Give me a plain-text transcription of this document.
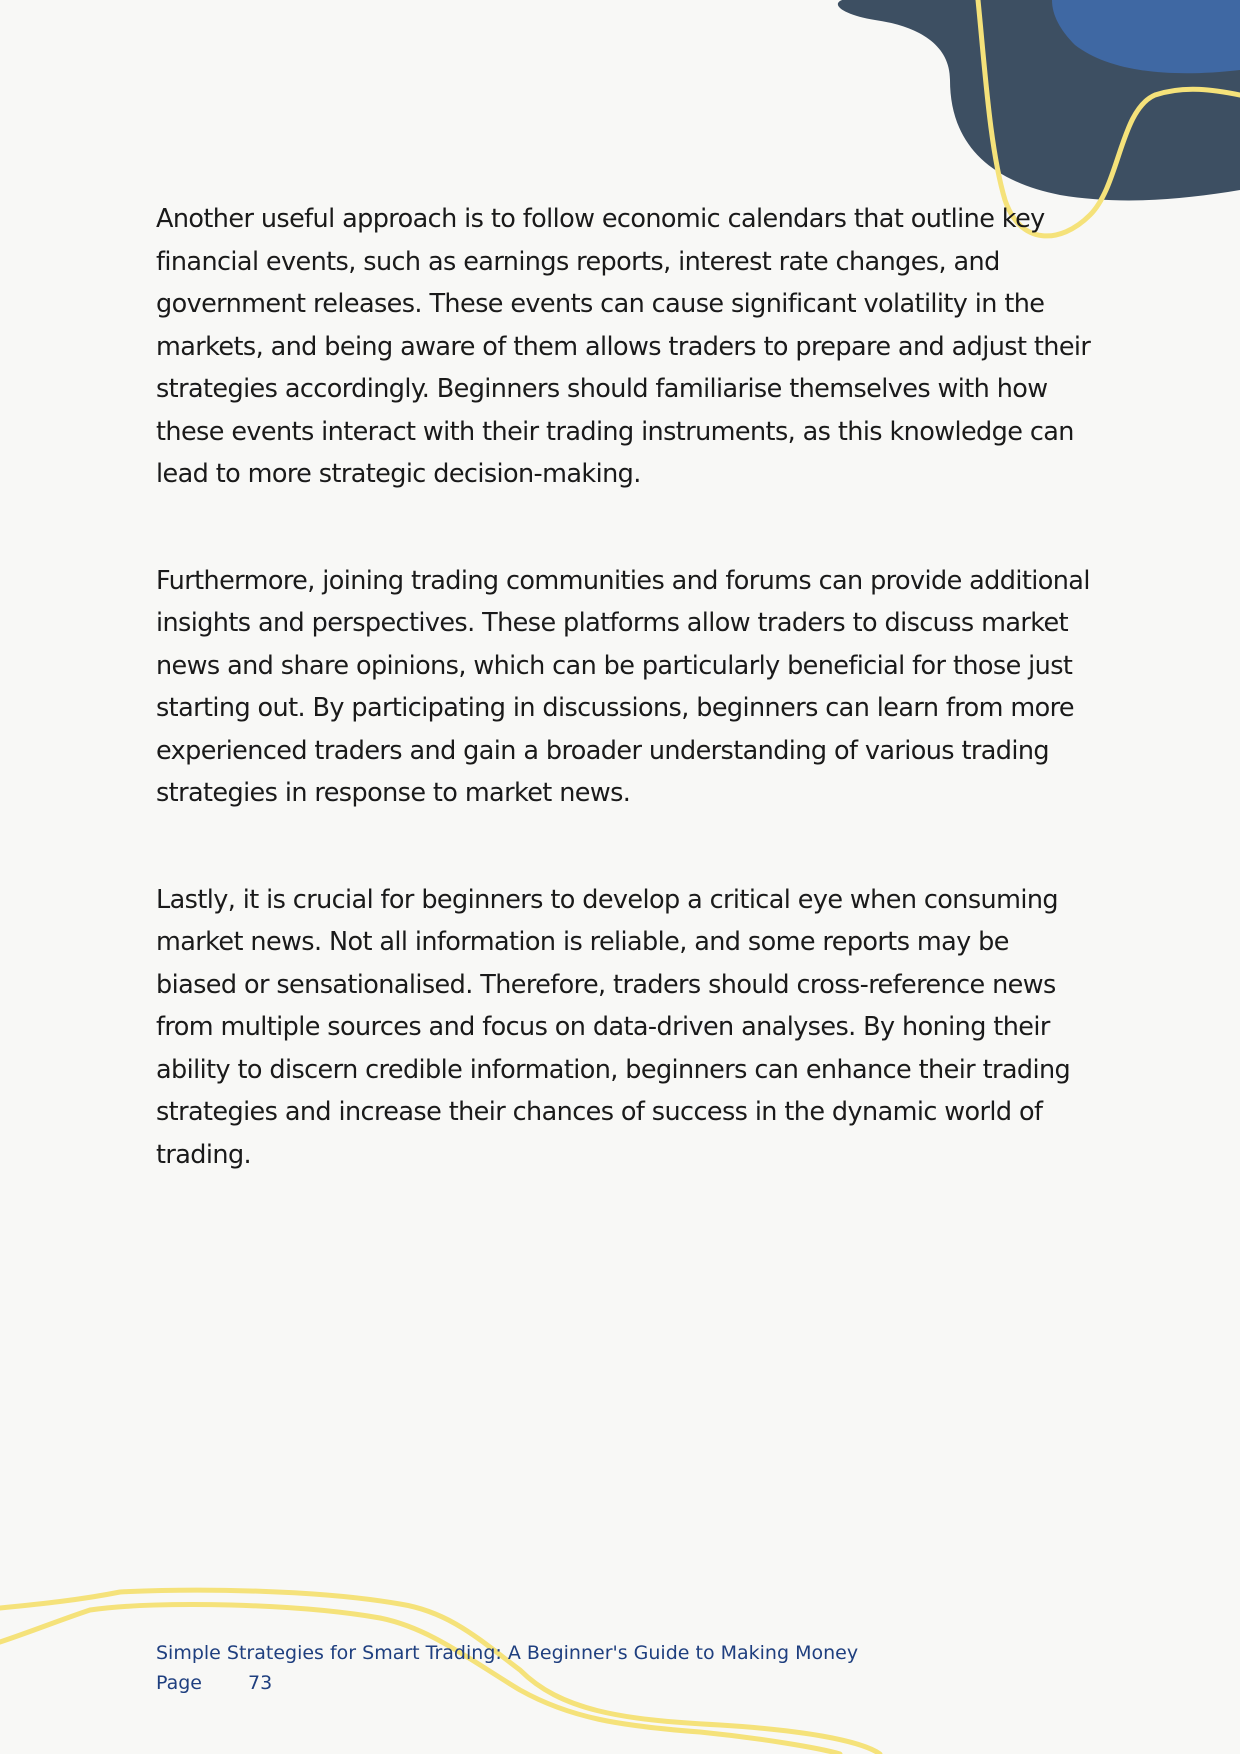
Another useful approach is to follow economic calendars that outline key financial events, such as earnings reports, interest rate changes, and government releases. These events can cause significant volatility in the markets, and being aware of them allows traders to prepare and adjust their strategies accordingly. Beginners should familiarise themselves with how these events interact with their trading instruments, as this knowledge can lead to more strategic decision-making.

Furthermore, joining trading communities and forums can provide additional insights and perspectives. These platforms allow traders to discuss market news and share opinions, which can be particularly beneficial for those just starting out. By participating in discussions, beginners can learn from more experienced traders and gain a broader understanding of various trading strategies in response to market news.

Lastly, it is crucial for beginners to develop a critical eye when consuming market news. Not all information is reliable, and some reports may be biased or sensationalised. Therefore, traders should cross-reference news from multiple sources and focus on data-driven analyses. By honing their ability to discern credible information, beginners can enhance their trading strategies and increase their chances of success in the dynamic world of trading.

Simple Strategies for Smart Trading: A Beginner's Guide to Making Money
Page	73
